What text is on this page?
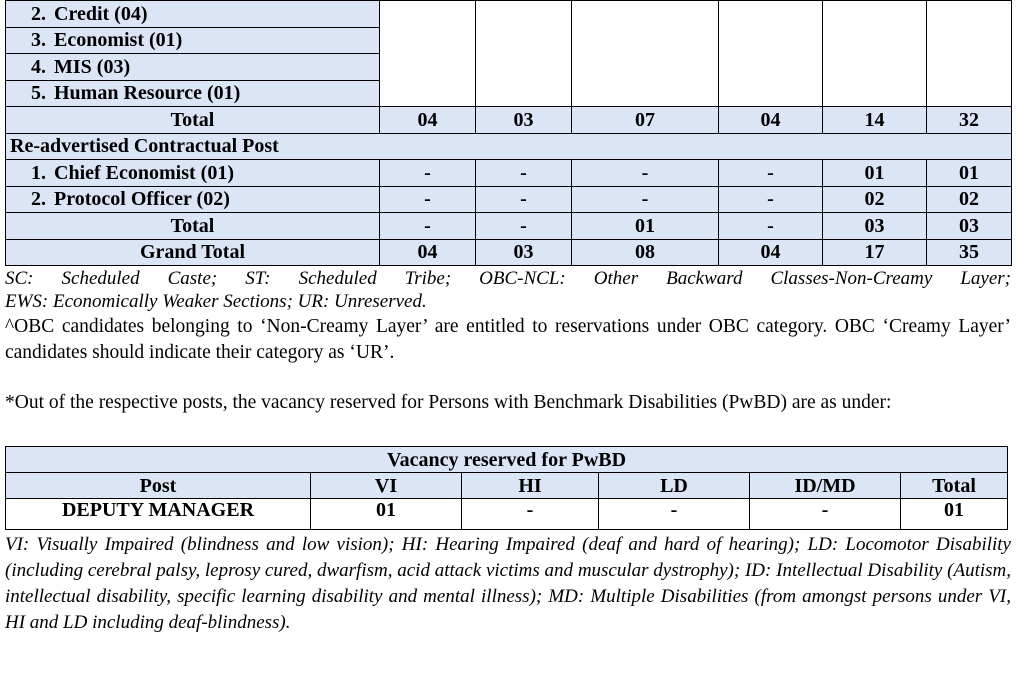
2. Credit (04)						
3. Economist (01)						
4. MIS (03)						
5. Human Resource (01)						
Total	04	03	07	04	14	32
Re-advertised Contractual Post						
1. Chief Economist (01)	-	-	-	-	01	01
2. Protocol Officer (02)	-	-	-	-	02	02
Total	-	-	01	-	03	03
Grand Total	04	03	08	04	17	35

SC: Scheduled Caste; ST: Scheduled Tribe; OBC-NCL: Other Backward Classes-Non-Creamy Layer;

EWS: Economically Weaker Sections; UR: Unreserved.

^OBC candidates belonging to ‘Non-Creamy Layer’ are entitled to reservations under OBC category. OBC ‘Creamy Layer’ candidates should indicate their category as ‘UR’.

*Out of the respective posts, the vacancy reserved for Persons with Benchmark Disabilities (PwBD) are as under:

Vacancy reserved for PwBD					
Post	VI	HI	LD	ID/MD	Total
DEPUTY MANAGER	01	-	-	-	01

VI: Visually Impaired (blindness and low vision); HI: Hearing Impaired (deaf and hard of hearing); LD: Locomotor Disability (including cerebral palsy, leprosy cured, dwarfism, acid attack victims and muscular dystrophy); ID: Intellectual Disability (Autism, intellectual disability, specific learning disability and mental illness); MD: Multiple Disabilities (from amongst persons under VI, HI and LD including deaf-blindness).
